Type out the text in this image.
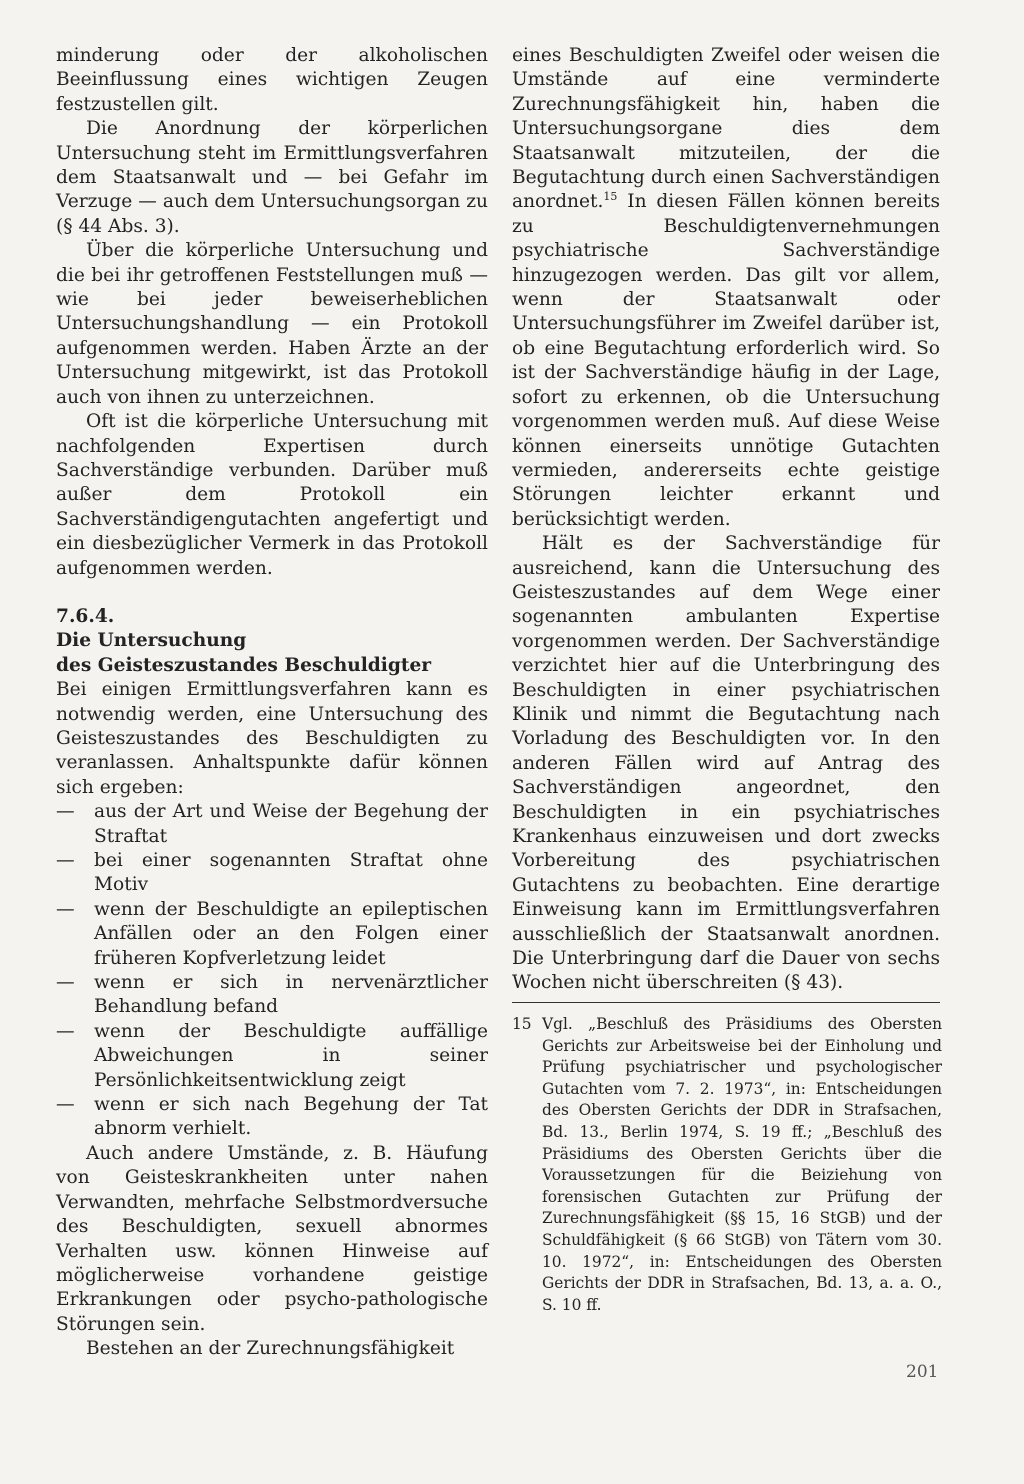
minderung oder der alkoholischen Beeinflussung eines wichtigen Zeugen festzustellen gilt.

Die Anordnung der körperlichen Untersuchung steht im Ermittlungsverfahren dem Staatsanwalt und — bei Gefahr im Verzuge — auch dem Untersuchungsorgan zu (§ 44 Abs. 3).

Über die körperliche Untersuchung und die bei ihr getroffenen Feststellungen muß — wie bei jeder beweiserheblichen Untersuchungshandlung — ein Protokoll aufgenommen werden. Haben Ärzte an der Untersuchung mitgewirkt, ist das Protokoll auch von ihnen zu unterzeichnen.

Oft ist die körperliche Untersuchung mit nachfolgenden Expertisen durch Sachverständige verbunden. Darüber muß außer dem Protokoll ein Sachverständigengutachten angefertigt und ein diesbezüglicher Vermerk in das Protokoll aufgenommen werden.

7.6.4.
Die Untersuchung
des Geisteszustandes Beschuldigter

Bei einigen Ermittlungsverfahren kann es notwendig werden, eine Untersuchung des Geisteszustandes des Beschuldigten zu veranlassen. Anhaltspunkte dafür können sich ergeben:

— aus der Art und Weise der Begehung der Straftat
— bei einer sogenannten Straftat ohne Motiv
— wenn der Beschuldigte an epileptischen Anfällen oder an den Folgen einer früheren Kopfverletzung leidet
— wenn er sich in nervenärztlicher Behandlung befand
— wenn der Beschuldigte auffällige Abweichungen in seiner Persönlichkeitsentwicklung zeigt
— wenn er sich nach Begehung der Tat abnorm verhielt.

Auch andere Umstände, z. B. Häufung von Geisteskrankheiten unter nahen Verwandten, mehrfache Selbstmordversuche des Beschuldigten, sexuell abnormes Verhalten usw. können Hinweise auf möglicherweise vorhandene geistige Erkrankungen oder psycho-pathologische Störungen sein.

Bestehen an der Zurechnungsfähigkeit

eines Beschuldigten Zweifel oder weisen die Umstände auf eine verminderte Zurechnungsfähigkeit hin, haben die Untersuchungsorgane dies dem Staatsanwalt mitzuteilen, der die Begutachtung durch einen Sachverständigen anordnet.$^{15}$ In diesen Fällen können bereits zu Beschuldigtenvernehmungen psychiatrische Sachverständige hinzugezogen werden. Das gilt vor allem, wenn der Staatsanwalt oder Untersuchungsführer im Zweifel darüber ist, ob eine Begutachtung erforderlich wird. So ist der Sachverständige häufig in der Lage, sofort zu erkennen, ob die Untersuchung vorgenommen werden muß. Auf diese Weise können einerseits unnötige Gutachten vermieden, andererseits echte geistige Störungen leichter erkannt und berücksichtigt werden.

Hält es der Sachverständige für ausreichend, kann die Untersuchung des Geisteszustandes auf dem Wege einer sogenannten ambulanten Expertise vorgenommen werden. Der Sachverständige verzichtet hier auf die Unterbringung des Beschuldigten in einer psychiatrischen Klinik und nimmt die Begutachtung nach Vorladung des Beschuldigten vor. In den anderen Fällen wird auf Antrag des Sachverständigen angeordnet, den Beschuldigten in ein psychiatrisches Krankenhaus einzuweisen und dort zwecks Vorbereitung des psychiatrischen Gutachtens zu beobachten. Eine derartige Einweisung kann im Ermittlungsverfahren ausschließlich der Staatsanwalt anordnen. Die Unterbringung darf die Dauer von sechs Wochen nicht überschreiten (§ 43).

15 Vgl. „Beschluß des Präsidiums des Obersten Gerichts zur Arbeitsweise bei der Einholung und Prüfung psychiatrischer und psychologischer Gutachten vom 7. 2. 1973“, in: Entscheidungen des Obersten Gerichts der DDR in Strafsachen, Bd. 13., Berlin 1974, S. 19 ff.; „Beschluß des Präsidiums des Obersten Gerichts über die Voraussetzungen für die Beiziehung von forensischen Gutachten zur Prüfung der Zurechnungsfähigkeit (§§ 15, 16 StGB) und der Schuldfähigkeit (§ 66 StGB) von Tätern vom 30. 10. 1972“, in: Entscheidungen des Obersten Gerichts der DDR in Strafsachen, Bd. 13, a. a. O., S. 10 ff.
201
